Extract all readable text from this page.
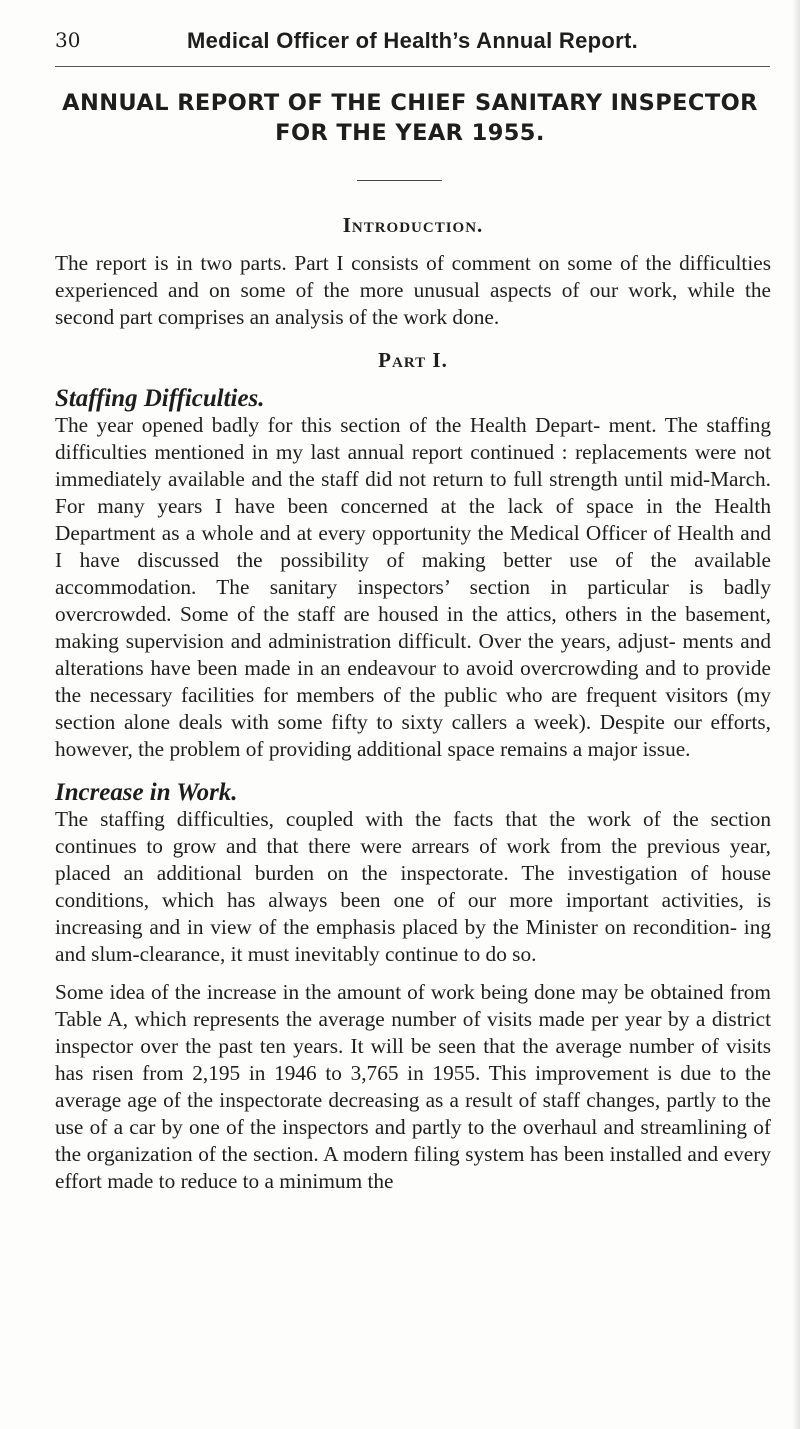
30	Medical Officer of Health’s Annual Report.
ANNUAL REPORT OF THE CHIEF SANITARY INSPECTOR
FOR THE YEAR 1955.
Introduction.

The report is in two parts. Part I consists of comment on some of the difficulties experienced and on some of the more unusual aspects of our work, while the second part comprises an analysis of the work done.

Part I.
Staffing Difficulties.

The year opened badly for this section of the Health Depart- ment. The staffing difficulties mentioned in my last annual report continued : replacements were not immediately available and the staff did not return to full strength until mid-March. For many years I have been concerned at the lack of space in the Health Department as a whole and at every opportunity the Medical Officer of Health and I have discussed the possibility of making better use of the available accommodation. The sanitary inspectors’ section in particular is badly overcrowded. Some of the staff are housed in the attics, others in the basement, making supervision and administration difficult. Over the years, adjust- ments and alterations have been made in an endeavour to avoid overcrowding and to provide the necessary facilities for members of the public who are frequent visitors (my section alone deals with some fifty to sixty callers a week). Despite our efforts, however, the problem of providing additional space remains a major issue.

Increase in Work.

The staffing difficulties, coupled with the facts that the work of the section continues to grow and that there were arrears of work from the previous year, placed an additional burden on the inspectorate. The investigation of house conditions, which has always been one of our more important activities, is increasing and in view of the emphasis placed by the Minister on recondition- ing and slum-clearance, it must inevitably continue to do so.

Some idea of the increase in the amount of work being done may be obtained from Table A, which represents the average number of visits made per year by a district inspector over the past ten years. It will be seen that the average number of visits has risen from 2,195 in 1946 to 3,765 in 1955. This improvement is due to the average age of the inspectorate decreasing as a result of staff changes, partly to the use of a car by one of the inspectors and partly to the overhaul and streamlining of the organization of the section. A modern filing system has been installed and every effort made to reduce to a minimum the
